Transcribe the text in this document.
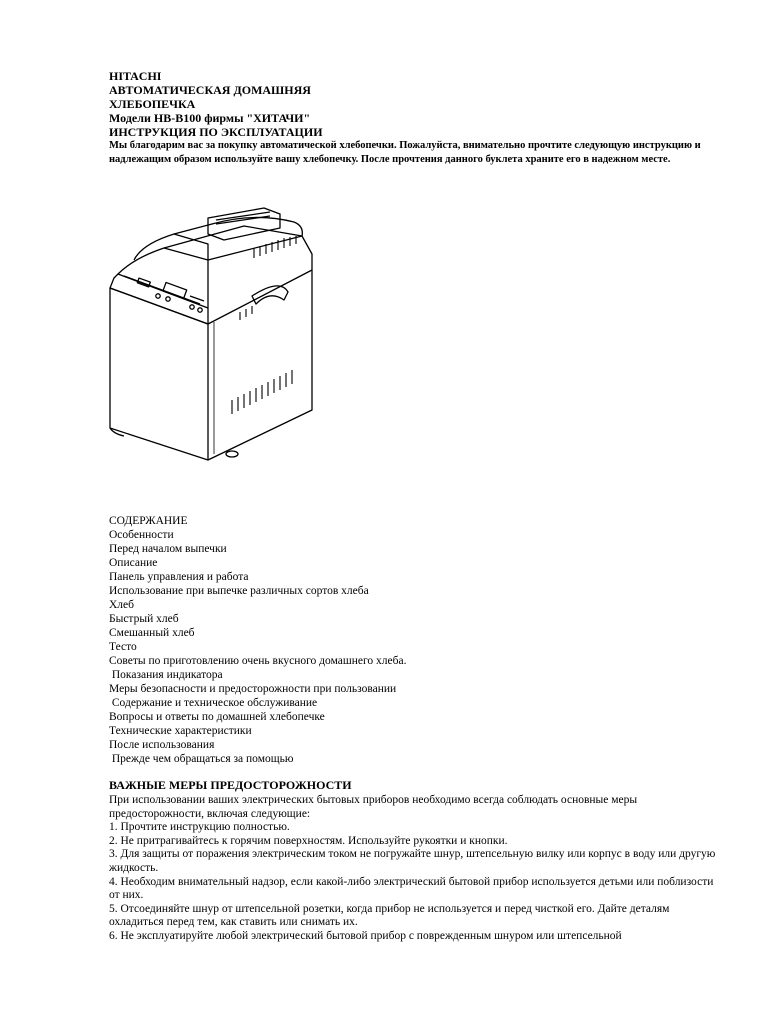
HITACHI

АВТОМАТИЧЕСКАЯ ДОМАШНЯЯ

ХЛЕБОПЕЧКА

Модели HB-B100 фирмы "ХИТАЧИ"

ИНСТРУКЦИЯ ПО ЭКСПЛУАТАЦИИ

Мы благодарим вас за покупку автоматической хлебопечки. Пожалуйста, внимательно прочтите следующую инструкцию и надлежащим образом используйте вашу хлебопечку. После прочтения данного буклета храните его в надежном месте.

СОДЕРЖАНИЕ

Особенности

Перед началом выпечки

Описание

Панель управления и работа

Использование при выпечке различных сортов хлеба

Хлеб

Быстрый хлеб

Смешанный хлеб

Тесто

Советы по приготовлению очень вкусного домашнего хлеба.

Показания индикатора

Меры безопасности и предосторожности при пользовании

Содержание и техническое обслуживание

Вопросы и ответы по домашней хлебопечке

Технические характеристики

После использования

Прежде чем обращаться за помощью

ВАЖНЫЕ МЕРЫ ПРЕДОСТОРОЖНОСТИ

При использовании ваших электрических бытовых приборов необходимо всегда соблюдать основные меры предосторожности, включая следующие:

1. Прочтите инструкцию полностью.

2. Не притрагивайтесь к горячим поверхностям. Используйте рукоятки и кнопки.

3. Для защиты от поражения электрическим током не погружайте шнур, штепсельную вилку или корпус в воду или другую жидкость.

4. Необходим внимательный надзор, если какой-либо электрический бытовой прибор используется детьми или поблизости от них.

5. Отсоединяйте шнур от штепсельной розетки, когда прибор не используется и перед чисткой его. Дайте деталям охладиться перед тем, как ставить или снимать их.

6. Не эксплуатируйте любой электрический бытовой прибор с поврежденным шнуром или штепсельной
